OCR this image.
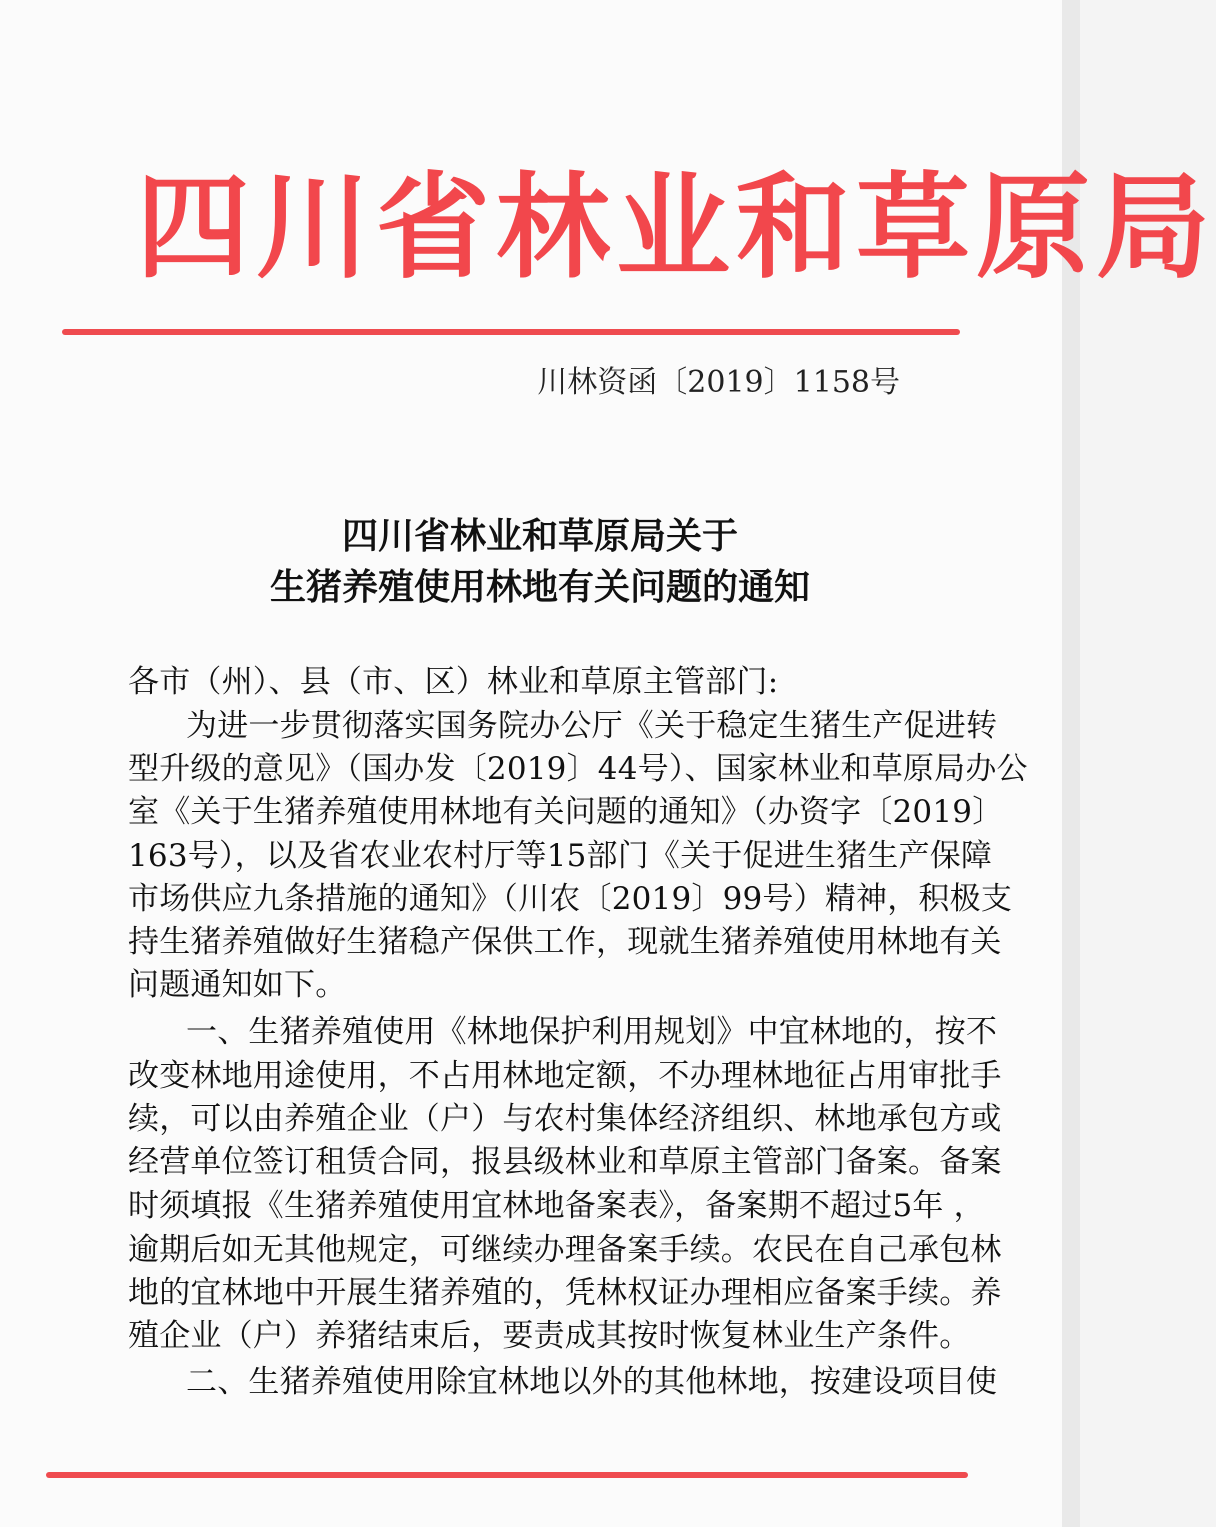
四川省林业和草原局
川林资函〔2019〕1158号
四川省林业和草原局关于
生猪养殖使用林地有关问题的通知
各市（州）、县（市、区）林业和草原主管部门:
为进一步贯彻落实国务院办公厅《关于稳定生猪生产促进转
型升级的意见》（国办发〔2019〕44号）、国家林业和草原局办公
室《关于生猪养殖使用林地有关问题的通知》（办资字〔2019〕
163号），以及省农业农村厅等15部门《关于促进生猪生产保障
市场供应九条措施的通知》（川农〔2019〕99号）精神，积极支
持生猪养殖做好生猪稳产保供工作，现就生猪养殖使用林地有关
问题通知如下。
一、生猪养殖使用《林地保护利用规划》中宜林地的，按不
改变林地用途使用，不占用林地定额，不办理林地征占用审批手
续，可以由养殖企业（户）与农村集体经济组织、林地承包方或
经营单位签订租赁合同，报县级林业和草原主管部门备案。备案
时须填报《生猪养殖使用宜林地备案表》，备案期不超过5年 ，
逾期后如无其他规定，可继续办理备案手续。农民在自己承包林
地的宜林地中开展生猪养殖的，凭林权证办理相应备案手续。养
殖企业（户）养猪结束后，要责成其按时恢复林业生产条件。
二、生猪养殖使用除宜林地以外的其他林地，按建设项目使
